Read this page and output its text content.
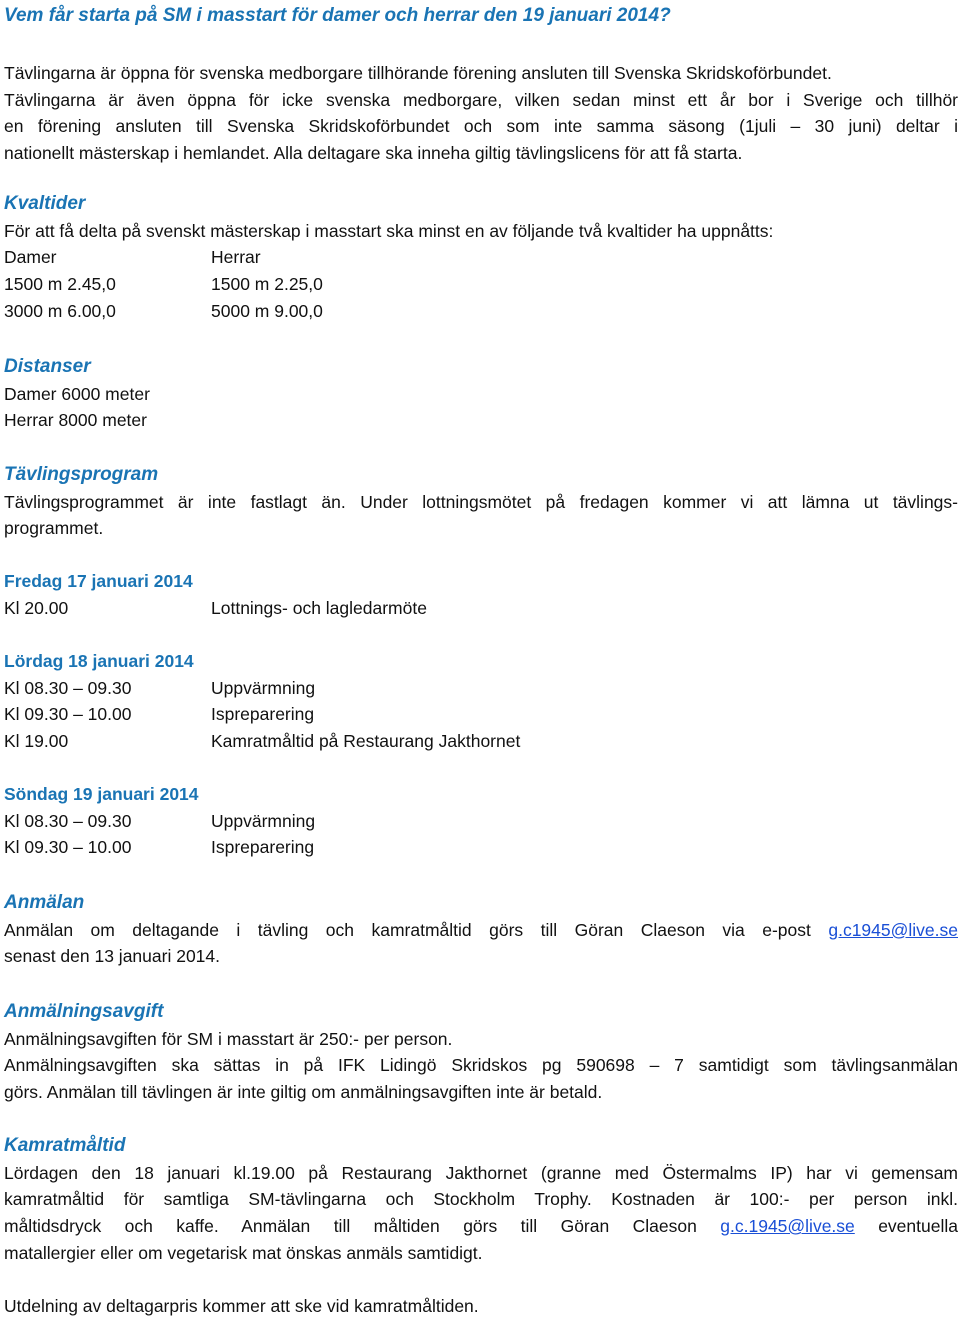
Vem får starta på SM i masstart för damer och herrar den 19 januari 2014?
Tävlingarna är öppna för svenska medborgare tillhörande förening ansluten till Svenska Skridskoförbundet.
Tävlingarna är även öppna för icke svenska medborgare, vilken sedan minst ett år bor i Sverige och tillhör
en förening ansluten till Svenska Skridskoförbundet och som inte samma säsong (1juli – 30 juni) deltar i
nationellt mästerskap i hemlandet. Alla deltagare ska inneha giltig tävlingslicens för att få starta.
Kvaltider
För att få delta på svenskt mästerskap i masstart ska minst en av följande två kvaltider ha uppnåtts:
Damer	Herrar
1500 m 2.45,0	1500 m 2.25,0
3000 m 6.00,0	5000 m 9.00,0
Distanser
Damer 6000 meter
Herrar 8000 meter
Tävlingsprogram
Tävlingsprogrammet är inte fastlagt än. Under lottningsmötet på fredagen kommer vi att lämna ut tävlings-
programmet.
Fredag 17 januari 2014
Kl 20.00	Lottnings- och lagledarmöte
Lördag 18 januari 2014
Kl 08.30 – 09.30	Uppvärmning
Kl 09.30 – 10.00	Ispreparering
Kl 19.00	Kamratmåltid på Restaurang Jakthornet
Söndag 19 januari 2014
Kl 08.30 – 09.30	Uppvärmning
Kl 09.30 – 10.00	Ispreparering
Anmälan
Anmälan om deltagande i tävling och kamratmåltid görs till Göran Claeson via e-post g.c1945@live.se
senast den 13 januari 2014.
Anmälningsavgift
Anmälningsavgiften för SM i masstart är 250:- per person.
Anmälningsavgiften ska sättas in på IFK Lidingö Skridskos pg 590698 – 7 samtidigt som tävlingsanmälan
görs. Anmälan till tävlingen är inte giltig om anmälningsavgiften inte är betald.
Kamratmåltid
Lördagen den 18 januari kl.19.00 på Restaurang Jakthornet (granne med Östermalms IP) har vi gemensam
kamratmåltid för samtliga SM-tävlingarna och Stockholm Trophy. Kostnaden är 100:- per person inkl.
måltidsdryck och kaffe. Anmälan till måltiden görs till Göran Claeson g.c.1945@live.se eventuella
matallergier eller om vegetarisk mat önskas anmäls samtidigt.
Utdelning av deltagarpris kommer att ske vid kamratmåltiden.
